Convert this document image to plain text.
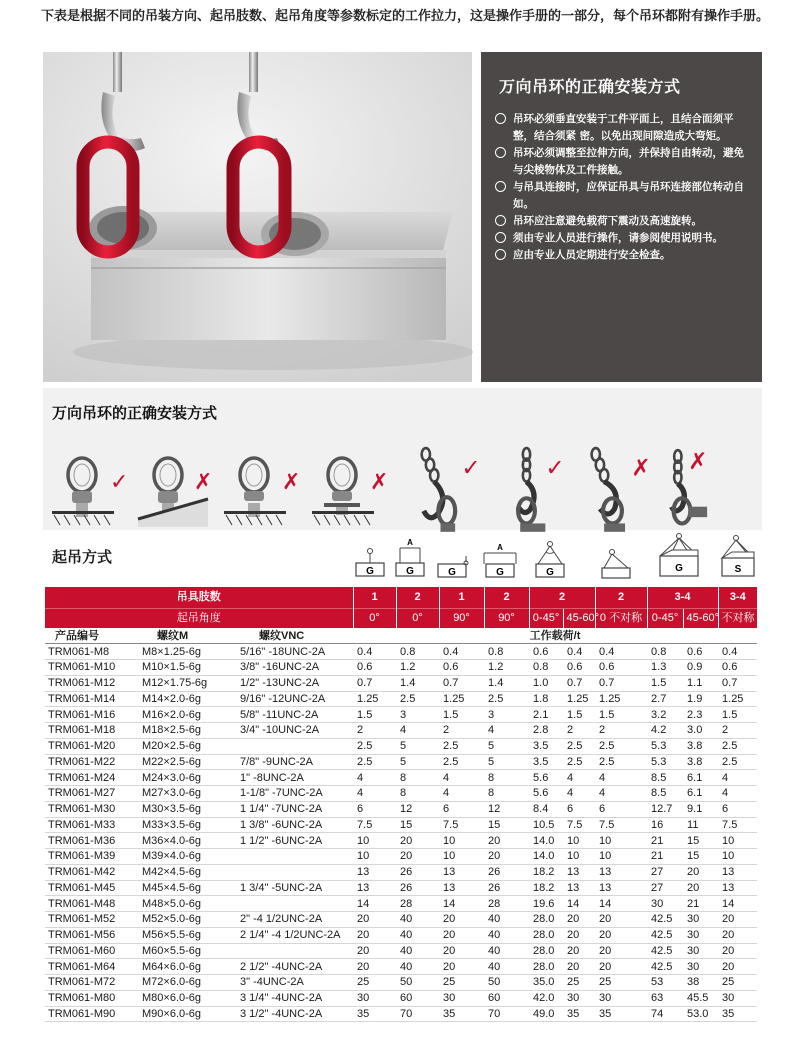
下表是根据不同的吊装方向、起吊肢数、起吊角度等参数标定的工作拉力，这是操作手册的一部分，每个吊环都附有操作手册。
万向吊环的正确安装方式
吊环必须垂直安装于工件平面上，且结合面须平整，结合须紧 密。以免出现间隙造成大弯矩。
吊环必须调整至拉伸方向，并保持自由转动，避免与尖棱物体及工件接触。
与吊具连接时，应保证吊具与吊环连接部位转动自如。
吊环应注意避免载荷下震动及高速旋转。
须由专业人员进行操作，请参阅使用说明书。
应由专业人员定期进行安全检查。
万向吊环的正确安装方式
✓	✗	✗	✗
✓	✓	✗ ✗
起吊方式
G
A
G	G
A
G	G	G	S
吊具肢数			1	2	1	2	2		2	3-4		3-4
起吊角度			0°	0°	90°	90°	0-45°	45-60°	0 不对称	0-45°	45-60°	不对称
产品编号	螺纹M	螺纹VNC	工作载荷/t									
TRM061-M8	M8×1.25-6g	5/16" -18UNC-2A	0.4	0.8	0.4	0.8	0.6	0.4	0.4	0.8	0.6	0.4
TRM061-M10	M10×1.5-6g	3/8" -16UNC-2A	0.6	1.2	0.6	1.2	0.8	0.6	0.6	1.3	0.9	0.6
TRM061-M12	M12×1.75-6g	1/2" -13UNC-2A	0.7	1.4	0.7	1.4	1.0	0.7	0.7	1.5	1.1	0.7
TRM061-M14	M14×2.0-6g	9/16" -12UNC-2A	1.25	2.5	1.25	2.5	1.8	1.25	1.25	2.7	1.9	1.25
TRM061-M16	M16×2.0-6g	5/8" -11UNC-2A	1.5	3	1.5	3	2.1	1.5	1.5	3.2	2.3	1.5
TRM061-M18	M18×2.5-6g	3/4" -10UNC-2A	2	4	2	4	2.8	2	2	4.2	3.0	2
TRM061-M20	M20×2.5-6g		2.5	5	2.5	5	3.5	2.5	2.5	5.3	3.8	2.5
TRM061-M22	M22×2.5-6g	7/8" -9UNC-2A	2.5	5	2.5	5	3.5	2.5	2.5	5.3	3.8	2.5
TRM061-M24	M24×3.0-6g	1" -8UNC-2A	4	8	4	8	5.6	4	4	8.5	6.1	4
TRM061-M27	M27×3.0-6g	1-1/8" -7UNC-2A	4	8	4	8	5.6	4	4	8.5	6.1	4
TRM061-M30	M30×3.5-6g	1 1/4" -7UNC-2A	6	12	6	12	8.4	6	6	12.7	9.1	6
TRM061-M33	M33×3.5-6g	1 3/8" -6UNC-2A	7.5	15	7.5	15	10.5	7.5	7.5	16	11	7.5
TRM061-M36	M36×4.0-6g	1 1/2" -6UNC-2A	10	20	10	20	14.0	10	10	21	15	10
TRM061-M39	M39×4.0-6g		10	20	10	20	14.0	10	10	21	15	10
TRM061-M42	M42×4.5-6g		13	26	13	26	18.2	13	13	27	20	13
TRM061-M45	M45×4.5-6g	1 3/4" -5UNC-2A	13	26	13	26	18.2	13	13	27	20	13
TRM061-M48	M48×5.0-6g		14	28	14	28	19.6	14	14	30	21	14
TRM061-M52	M52×5.0-6g	2" -4 1/2UNC-2A	20	40	20	40	28.0	20	20	42.5	30	20
TRM061-M56	M56×5.5-6g	2 1/4" -4 1/2UNC-2A	20	40	20	40	28.0	20	20	42.5	30	20
TRM061-M60	M60×5.5-6g		20	40	20	40	28.0	20	20	42.5	30	20
TRM061-M64	M64×6.0-6g	2 1/2" -4UNC-2A	20	40	20	40	28.0	20	20	42.5	30	20
TRM061-M72	M72×6.0-6g	3" -4UNC-2A	25	50	25	50	35.0	25	25	53	38	25
TRM061-M80	M80×6.0-6g	3 1/4" -4UNC-2A	30	60	30	60	42.0	30	30	63	45.5	30
TRM061-M90	M90×6.0-6g	3 1/2" -4UNC-2A	35	70	35	70	49.0	35	35	74	53.0	35
